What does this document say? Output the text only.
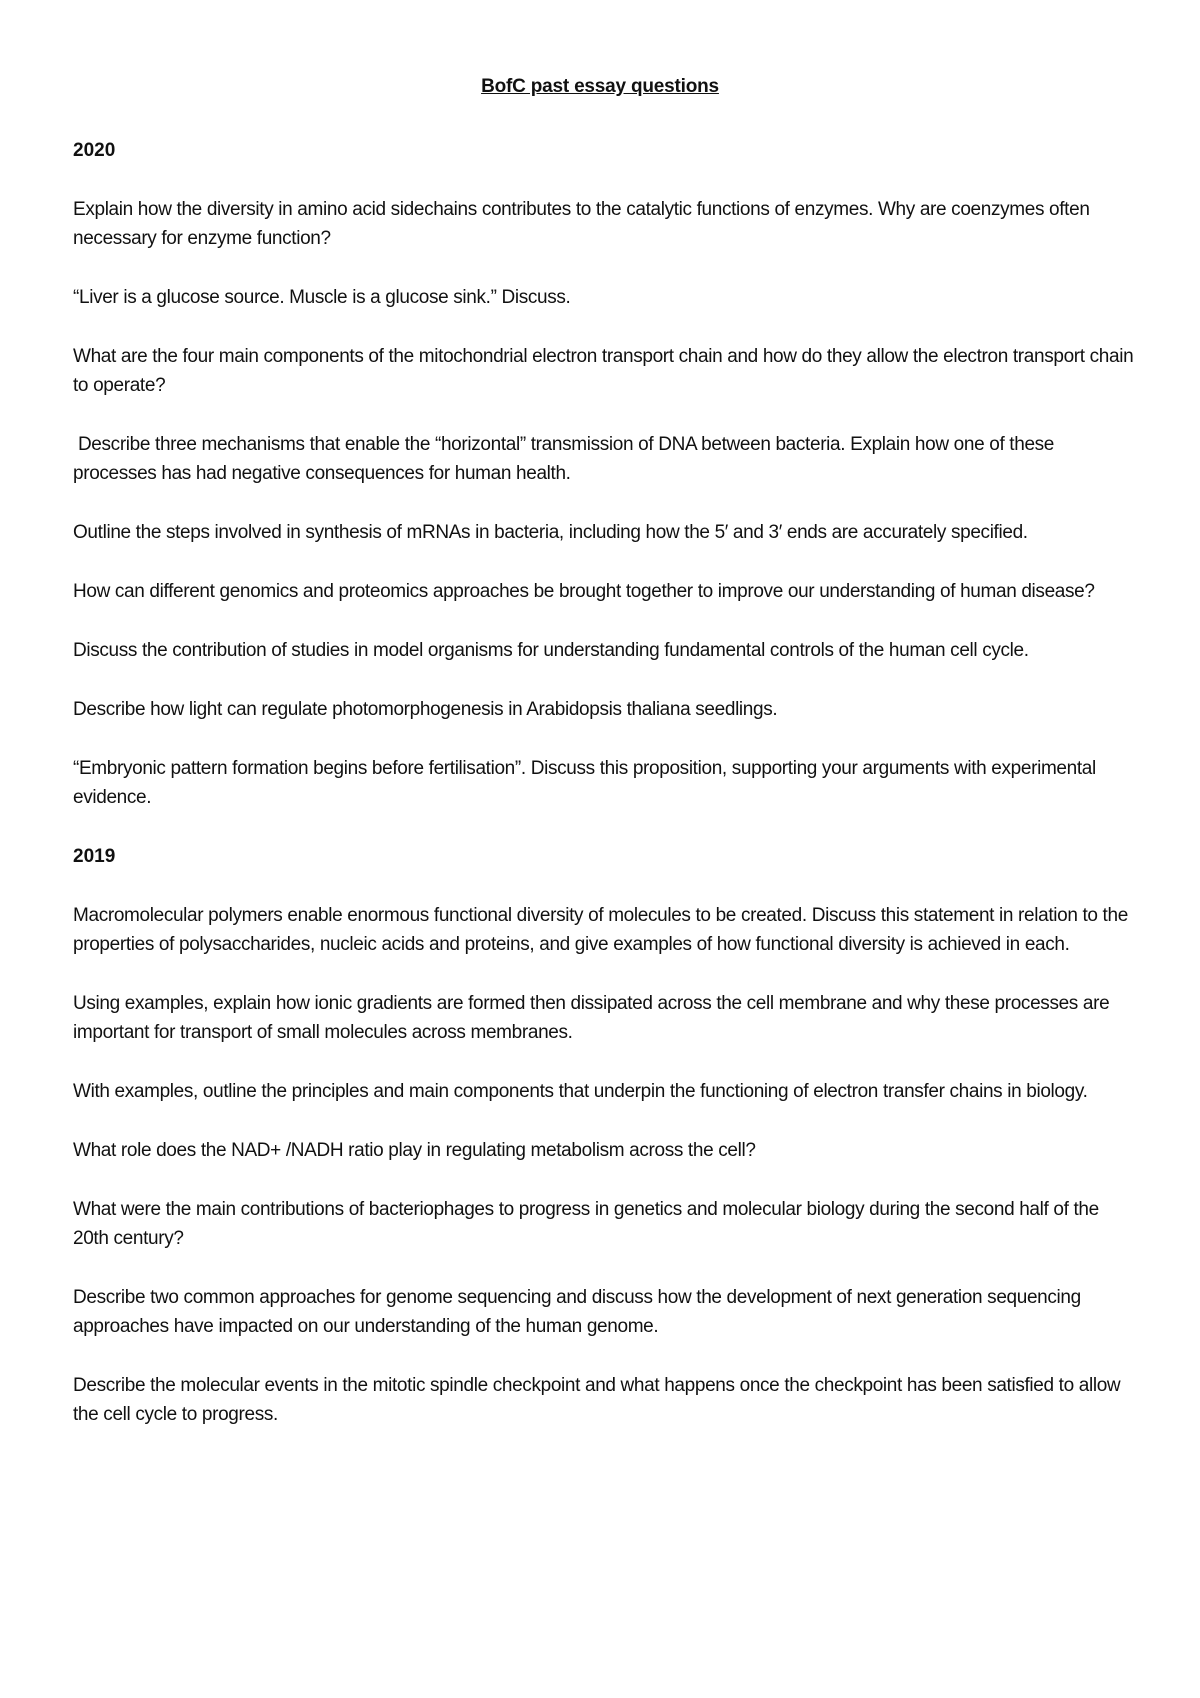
BofC past essay questions
2020

Explain how the diversity in amino acid sidechains contributes to the catalytic functions of enzymes. Why are coenzymes often necessary for enzyme function?

“Liver is a glucose source. Muscle is a glucose sink.” Discuss.

What are the four main components of the mitochondrial electron transport chain and how do they allow the electron transport chain to operate?

Describe three mechanisms that enable the “horizontal” transmission of DNA between bacteria. Explain how one of these processes has had negative consequences for human health.

Outline the steps involved in synthesis of mRNAs in bacteria, including how the 5′ and 3′ ends are accurately specified.

How can different genomics and proteomics approaches be brought together to improve our understanding of human disease?

Discuss the contribution of studies in model organisms for understanding fundamental controls of the human cell cycle.

Describe how light can regulate photomorphogenesis in Arabidopsis thaliana seedlings.

“Embryonic pattern formation begins before fertilisation”. Discuss this proposition, supporting your arguments with experimental evidence.

2019

Macromolecular polymers enable enormous functional diversity of molecules to be created. Discuss this statement in relation to the properties of polysaccharides, nucleic acids and proteins, and give examples of how functional diversity is achieved in each.

Using examples, explain how ionic gradients are formed then dissipated across the cell membrane and why these processes are important for transport of small molecules across membranes.

With examples, outline the principles and main components that underpin the functioning of electron transfer chains in biology.

What role does the NAD+ /NADH ratio play in regulating metabolism across the cell?

What were the main contributions of bacteriophages to progress in genetics and molecular biology during the second half of the 20th century?

Describe two common approaches for genome sequencing and discuss how the development of next generation sequencing approaches have impacted on our understanding of the human genome.

Describe the molecular events in the mitotic spindle checkpoint and what happens once the checkpoint has been satisfied to allow the cell cycle to progress.
